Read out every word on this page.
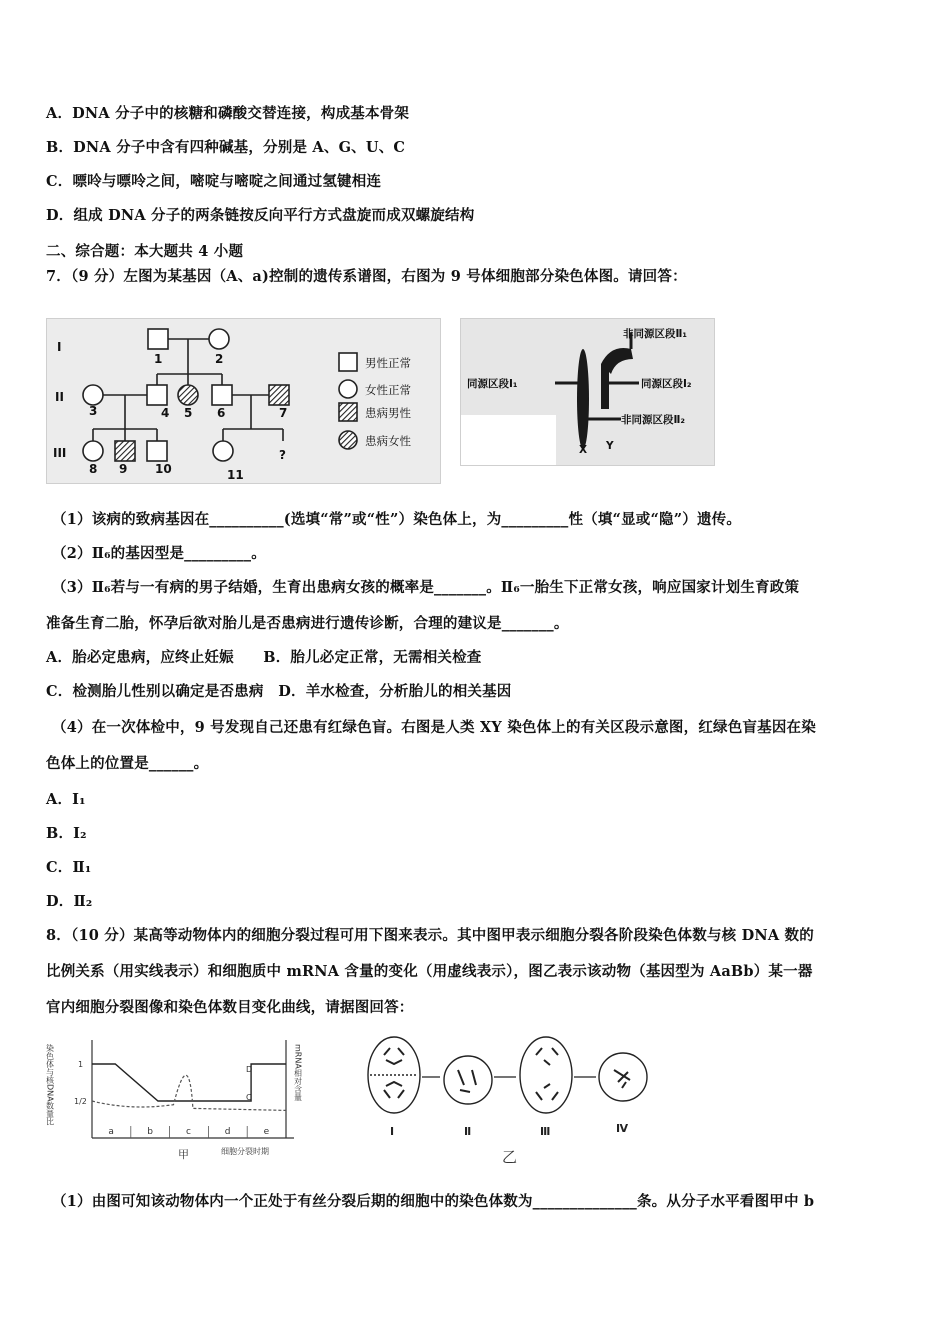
A．DNA 分子中的核糖和磷酸交替连接，构成基本骨架
B．DNA 分子中含有四种碱基，分别是 A、G、U、C
C．嘌呤与嘌呤之间，嘧啶与嘧啶之间通过氢键相连
D．组成 DNA 分子的两条链按反向平行方式盘旋而成双螺旋结构
二、综合题：本大题共 4 小题
7．（9 分）左图为某基因（A、a)控制的遗传系谱图，右图为 9 号体细胞部分染色体图。请回答：
I
II
III
1	2
3	4 5 6	7
8 9 10	11
?
男性正常
女性正常
患病男性
患病女性
非同源区段Ⅱ₁
同源区段Ⅰ₁	同源区段Ⅰ₂
非同源区段Ⅱ₂
X Y
（1）该病的致病基因在__________(选填“常”或“性”）染色体上，为_________性（填“显或“隐”）遗传。
（2）Ⅱ₆的基因型是_________。
（3）Ⅱ₆若与一有病的男子结婚，生育出患病女孩的概率是_______。Ⅱ₆一胎生下正常女孩，响应国家计划生育政策
准备生育二胎，怀孕后欲对胎儿是否患病进行遗传诊断，合理的建议是_______。
A．胎必定患病，应终止妊娠　　B．胎儿必定正常，无需相关检查
C．检测胎儿性别以确定是否患病　D．羊水检查，分析胎儿的相关基因
（4）在一次体检中，9 号发现自己还患有红绿色盲。右图是人类 XY 染色体上的有关区段示意图，红绿色盲基因在染
色体上的位置是______。
A．I₁
B．I₂
C．Ⅱ₁
D．Ⅱ₂
8．（10 分）某高等动物体内的细胞分裂过程可用下图来表示。其中图甲表示细胞分裂各阶段染色体数与核 DNA 数的
比例关系（用实线表示）和细胞质中 mRNA 含量的变化（用虚线表示），图乙表示该动物（基因型为 AaBb）某一器
官内细胞分裂图像和染色体数目变化曲线，请据图回答：
染色体与核DNA数量比	mRNA相对含量
1
1/2
细胞分裂时期
D
C
a	b	c	d	e
甲
Ⅰ	Ⅱ	Ⅲ	Ⅳ
乙
（1）由图可知该动物体内一个正处于有丝分裂后期的细胞中的染色体数为______________条。从分子水平看图甲中 b
